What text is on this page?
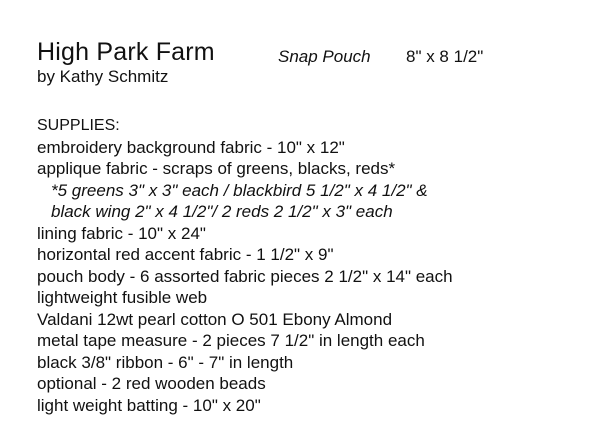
High Park Farm	Snap Pouch 8" x 8 1/2"
by Kathy Schmitz
SUPPLIES:
embroidery background fabric - 10" x 12"
applique fabric - scraps of greens, blacks, reds*
*5 greens 3" x 3" each / blackbird 5 1/2" x 4 1/2" &
black wing 2" x 4 1/2"/ 2 reds 2 1/2" x 3" each
lining fabric - 10" x 24"
horizontal red accent fabric - 1 1/2" x 9"
pouch body - 6 assorted fabric pieces 2 1/2" x 14" each
lightweight fusible web
Valdani 12wt pearl cotton O 501 Ebony Almond
metal tape measure - 2 pieces 7 1/2" in length each
black 3/8" ribbon - 6" - 7" in length
optional - 2 red wooden beads
light weight batting - 10" x 20"
